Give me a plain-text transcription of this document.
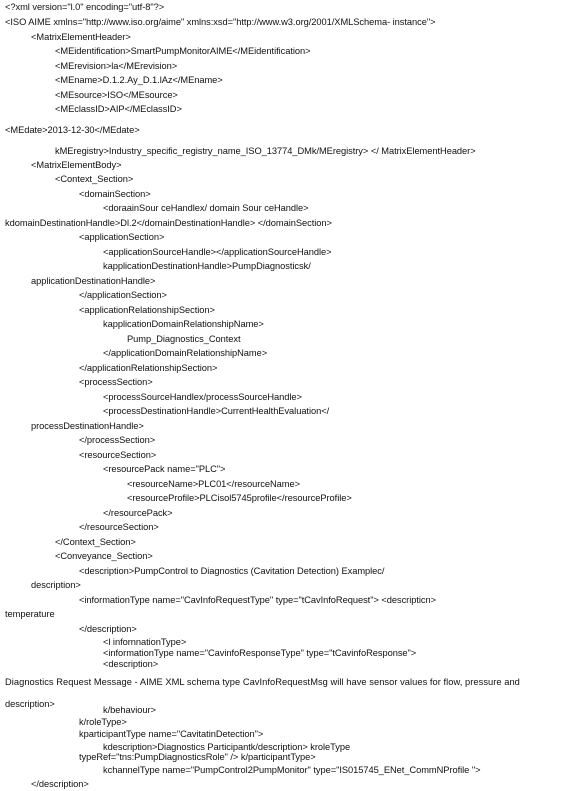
<?xml version="l.0" encoding="utf-8"?>
<ISO AIME xmlns="http://www.iso.org/aime" xmlns:xsd="http://www.w3.org/2001/XMLSchema- instance">
<MatrixElementHeader>
<MEidentification>SmartPumpMonitorAIME</MEidentification>
<MErevision>la</MErevision>
<MEname>D.1.2.Ay_D.1.lAz</MEname>
<MEsource>ISO</MEsource>
<MEclassID>AIP</MEclassID>
<MEdate>2013-12-30</MEdate>
kMEregistry>Industry_specific_registry_name_ISO_13774_DMk/MEregistry> </ MatrixElementHeader>
<MatrixElementBody>
<Context_Section>
<domainSection>
<doraainSour ceHandlex/ domain Sour ceHandle>
kdomainDestinationHandle>Dl.2</domainDestinationHandle> </domainSection>
<applicationSection>
<applicationSourceHandle></applicationSourceHandle>
kapplicationDestinationHandle>PumpDiagnosticsk/
applicationDestinationHandle>
</applicationSection>
<applicationRelationshipSection>
kapplicationDomainRelationshipName>
Pump_Diagnostics_Context
</applicationDomainRelationshipName>
</applicationRelationshipSection>
<processSection>
<processSourceHandlex/processSourceHandle>
<processDestinationHandle>CurrentHealthEvaluation</
processDestinationHandle>
</processSection>
<resourceSection>
<resourcePack name="PLC">
<resourceName>PLC01</resourceName>
<resourceProfile>PLCisol5745profile</resourceProfile>
</resourcePack>
</resourceSection>
</Context_Section>
<Conveyance_Section>
<description>PumpControl to Diagnostics (Cavitation Detection) Examplec/
description>
<informationType name="CavInfoRequestType" type="tCavInfoRequest"> <descripticn>
temperature
</description>
<l infornnationType>
<informationType name="CavinfoResponseType" type="tCavinfoResponse">
<description>
Diagnostics Request Message - AIME XML schema type CavInfoRequestMsg will have sensor values for flow, pressure and
description>
k/behaviour>
k/roleType>
kparticipantType name="CavitatinDetection">
kdescription>Diagnostics Participantk/description> kroleType
typeRef="tns:PumpDiagnosticsRole" /> k/participantType>
kchannelType name="PumpControl2PumpMonitor" type="IS015745_ENet_CommNProfile ">
</description>
